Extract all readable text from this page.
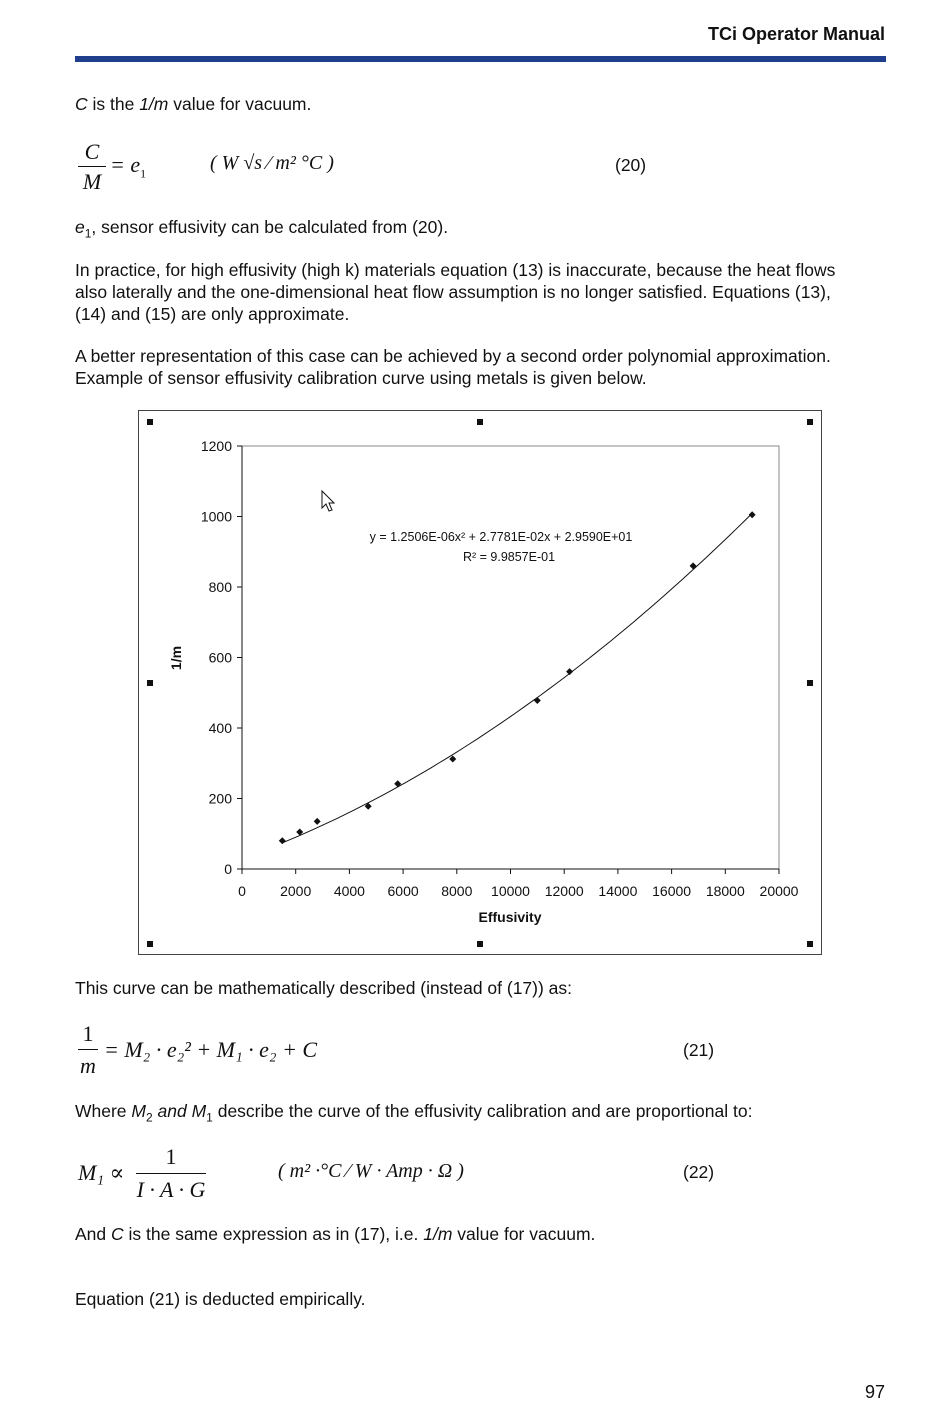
TCi Operator Manual

C is the 1/m value for vacuum.

C
M
= $e_1$	( W √s ⁄ m² °C )	(20)

$e_1$, sensor effusivity can be calculated from (20).

In practice, for high effusivity (high k) materials equation (13) is inaccurate, because the heat flows also laterally and the one-dimensional heat flow assumption is no longer satisfied. Equations (13), (14) and (15) are only approximate.

A better representation of this case can be achieved by a second order polynomial approximation. Example of sensor effusivity calibration curve using metals is given below.

0
200
400
600
800
1000
1200
0 2000 4000 6000 8000 10000 12000 14000 16000 18000 20000
y = 1.2506E-06x² + 2.7781E-02x + 2.9590E+01
R² = 9.9857E-01
Effusivity
1/m

This curve can be mathematically described (instead of (17)) as:

1
m
= M₂ · e₂² + M₁ · e₂ + C	(21)

Where $M_2$ and $M_1$ describe the curve of the effusivity calibration and are proportional to:

M₁ ∝
1
I · A · G
( m² ·°C ⁄ W · Amp · Ω )	(22)

And C is the same expression as in (17), i.e. 1/m value for vacuum.

Equation (21) is deducted empirically.

97
